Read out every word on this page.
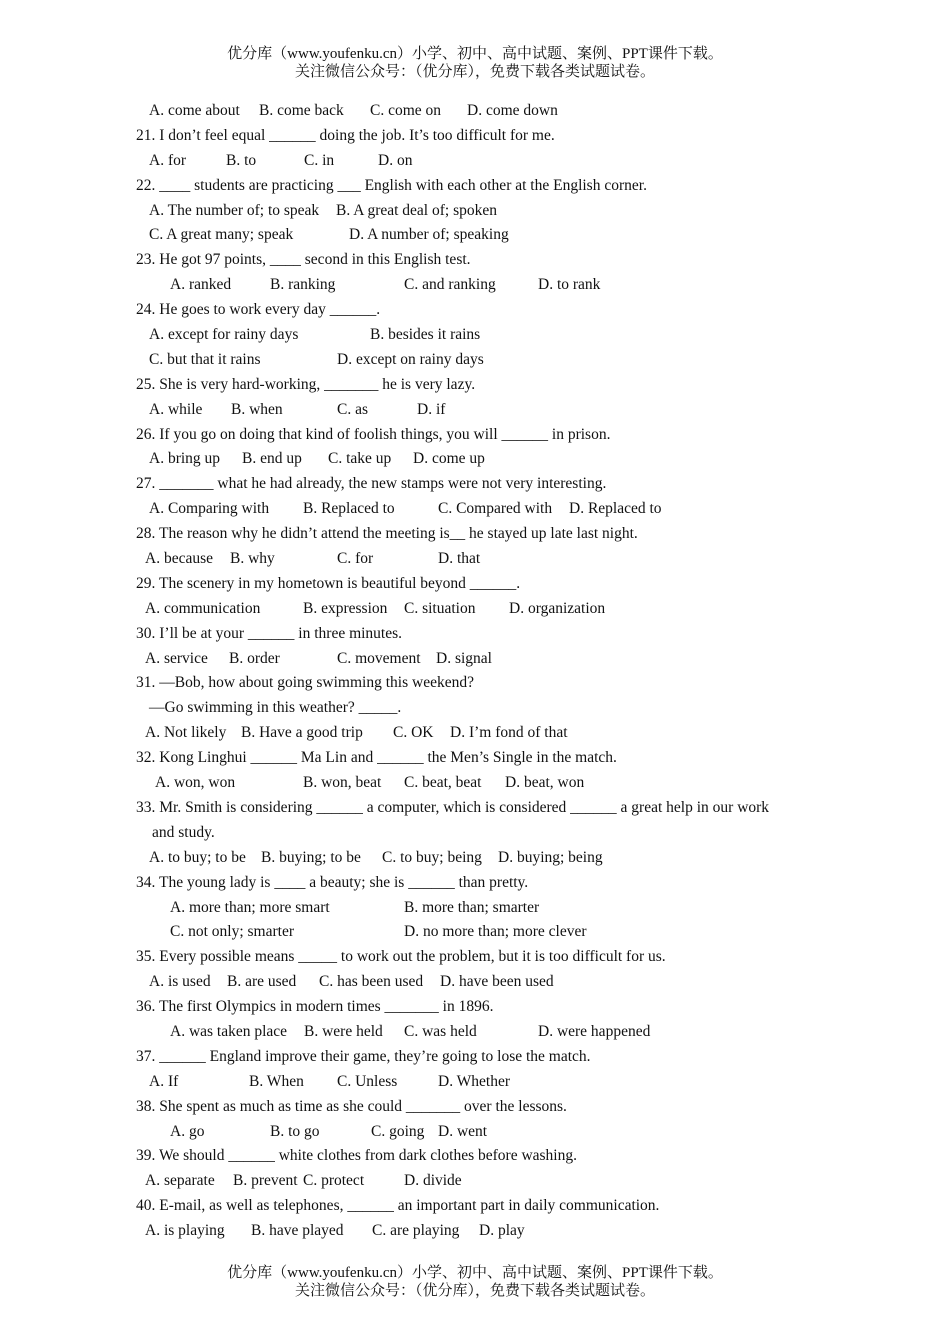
优分库（www.youfenku.cn）小学、初中、高中试题、案例、PPT课件下载。
关注微信公众号：（优分库），免费下载各类试题试卷。
A. come about B. come back C. come on D. come down
21. I don’t feel equal ______ doing the job. It’s too difficult for me.
A. for	B. to	C. in	D. on
22. ____ students are practicing ___ English with each other at the English corner.
A. The number of; to speak B. A great deal of; spoken
C. A great many; speak	D. A number of; speaking
23. He got 97 points, ____ second in this English test.
A. ranked	B. ranking	C. and ranking	D. to rank
24. He goes to work every day ______.
A. except for rainy days	B. besides it rains
C. but that it rains	D. except on rainy days
25. She is very hard-working, _______ he is very lazy.
A. while B. when	C. as	D. if
26. If you go on doing that kind of foolish things, you will ______ in prison.
A. bring up B. end up C. take up D. come up
27. _______ what he had already, the new stamps were not very interesting.
A. Comparing with B. Replaced to	C. Compared with D. Replaced to
28. The reason why he didn’t attend the meeting is__ he stayed up late last night.
A. because B. why	C. for	D. that
29. The scenery in my hometown is beautiful beyond ______.
A. communication	B. expression C. situation D. organization
30. I’ll be at your ______ in three minutes.
A. service B. order	C. movement D. signal
31. —Bob, how about going swimming this weekend?
—Go swimming in this weather? _____.
A. Not likely B. Have a good trip C. OK D. I’m fond of that
32. Kong Linghui ______ Ma Lin and ______ the Men’s Single in the match.
A. won, won	B. won, beat C. beat, beat D. beat, won
33. Mr. Smith is considering ______ a computer, which is considered ______ a great help in our work
and study.
A. to buy; to be B. buying; to be C. to buy; being D. buying; being
34. The young lady is ____ a beauty; she is ______ than pretty.
A. more than; more smart	B. more than; smarter
C. not only; smarter	D. no more than; more clever
35. Every possible means _____ to work out the problem, but it is too difficult for us.
A. is used B. are used C. has been used D. have been used
36. The first Olympics in modern times _______ in 1896.
A. was taken place B. were held C. was held	D. were happened
37. ______ England improve their game, they’re going to lose the match.
A. If	B. When C. Unless	D. Whether
38. She spent as much as time as she could _______ over the lessons.
A. go	B. to go	C. going D. went
39. We should ______ white clothes from dark clothes before washing.
A. separate B. prevent C. protect	D. divide
40. E-mail, as well as telephones, ______ an important part in daily communication.
A. is playing B. have played C. are playing D. play
优分库（www.youfenku.cn）小学、初中、高中试题、案例、PPT课件下载。
关注微信公众号：（优分库），免费下载各类试题试卷。
